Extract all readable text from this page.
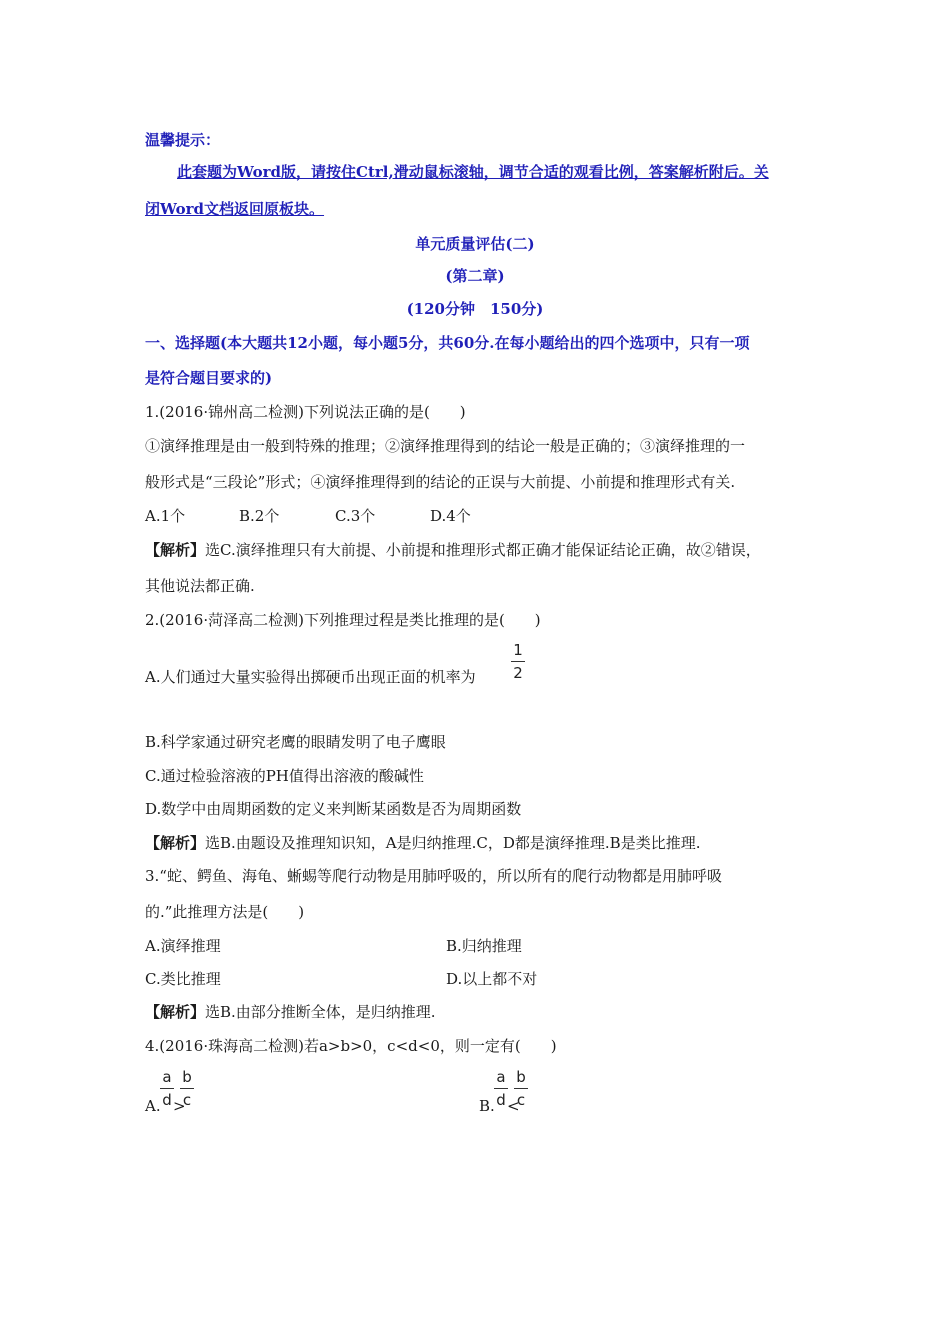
温馨提示：
此套题为Word版，请按住Ctrl,滑动鼠标滚轴，调节合适的观看比例，答案解析附后。关
闭Word文档返回原板块。
单元质量评估(二)
(第二章)
(120分钟　150分)
一、选择题(本大题共12小题，每小题5分，共60分.在每小题给出的四个选项中，只有一项
是符合题目要求的)
1.(2016·锦州高二检测)下列说法正确的是(　　)
①演绎推理是由一般到特殊的推理；②演绎推理得到的结论一般是正确的；③演绎推理的一
般形式是“三段论”形式；④演绎推理得到的结论的正误与大前提、小前提和推理形式有关.
A.1个	B.2个	C.3个	D.4个
【解析】选C.演绎推理只有大前提、小前提和推理形式都正确才能保证结论正确，故②错误，
其他说法都正确.
2.(2016·菏泽高二检测)下列推理过程是类比推理的是(　　)
A.人们通过大量实验得出掷硬币出现正面的机率为
1
2
B.科学家通过研究老鹰的眼睛发明了电子鹰眼
C.通过检验溶液的PH值得出溶液的酸碱性
D.数学中由周期函数的定义来判断某函数是否为周期函数
【解析】选B.由题设及推理知识知，A是归纳推理.C，D都是演绎推理.B是类比推理.
3.“蛇、鳄鱼、海龟、蜥蜴等爬行动物是用肺呼吸的，所以所有的爬行动物都是用肺呼吸
的.”此推理方法是(　　)
A.演绎推理	B.归纳推理
C.类比推理	D.以上都不对
【解析】选B.由部分推断全体，是归纳推理.
4.(2016·珠海高二检测)若a>b>0，c<d<0，则一定有(　　)
A.
a
d >
b
c	B.
a
d <
b
c
